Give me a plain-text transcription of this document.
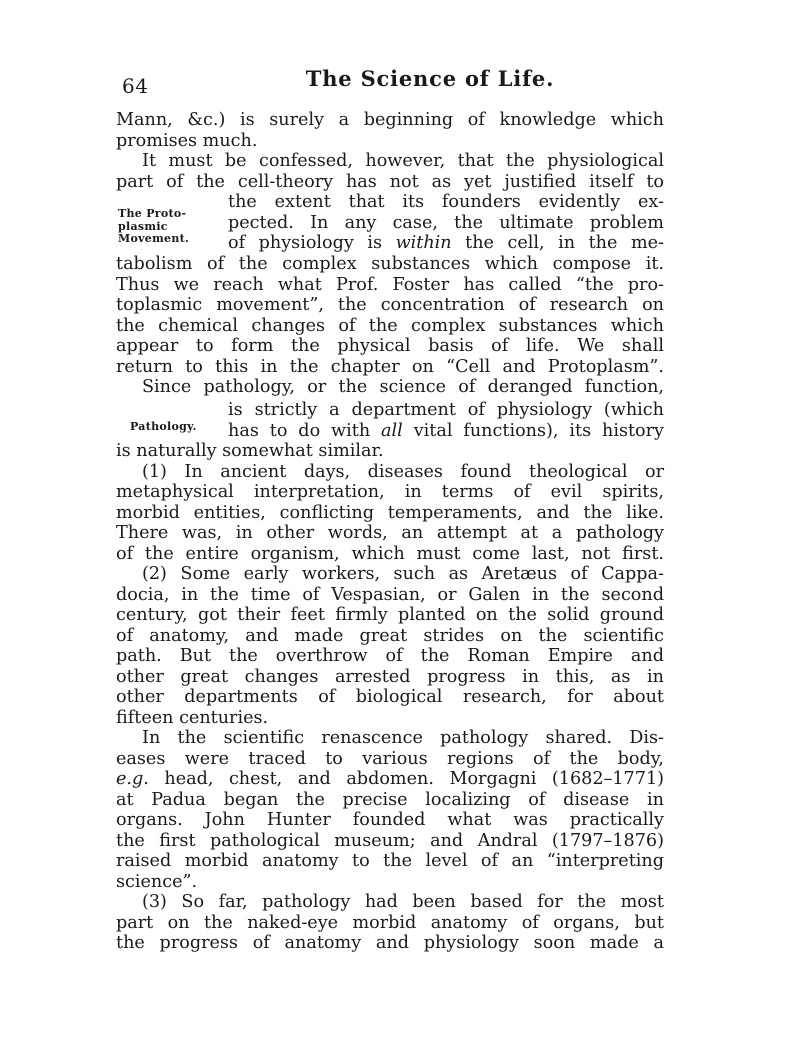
64	The Science of Life.
Mann, &c.) is surely a beginning of knowledge which
promises much.
It must be confessed, however, that the physiological
part of the cell-theory has not as yet justified itself to
The Proto-
plasmic
Movement.
the extent that its founders evidently ex-
pected. In any case, the ultimate problem
of physiology is within the cell, in the me-
tabolism of the complex substances which compose it.
Thus we reach what Prof. Foster has called “the pro-
toplasmic movement”, the concentration of research on
the chemical changes of the complex substances which
appear to form the physical basis of life. We shall
return to this in the chapter on “Cell and Protoplasm”.
Since pathology, or the science of deranged function,
Pathology.
is strictly a department of physiology (which
has to do with all vital functions), its history
is naturally somewhat similar.
(1) In ancient days, diseases found theological or
metaphysical interpretation, in terms of evil spirits,
morbid entities, conflicting temperaments, and the like.
There was, in other words, an attempt at a pathology
of the entire organism, which must come last, not first.
(2) Some early workers, such as Aretæus of Cappa-
docia, in the time of Vespasian, or Galen in the second
century, got their feet firmly planted on the solid ground
of anatomy, and made great strides on the scientific
path. But the overthrow of the Roman Empire and
other great changes arrested progress in this, as in
other departments of biological research, for about
fifteen centuries.
In the scientific renascence pathology shared. Dis-
eases were traced to various regions of the body,
e.g. head, chest, and abdomen. Morgagni (1682–1771)
at Padua began the precise localizing of disease in
organs. John Hunter founded what was practically
the first pathological museum; and Andral (1797–1876)
raised morbid anatomy to the level of an “interpreting
science”.
(3) So far, pathology had been based for the most
part on the naked-eye morbid anatomy of organs, but
the progress of anatomy and physiology soon made a
